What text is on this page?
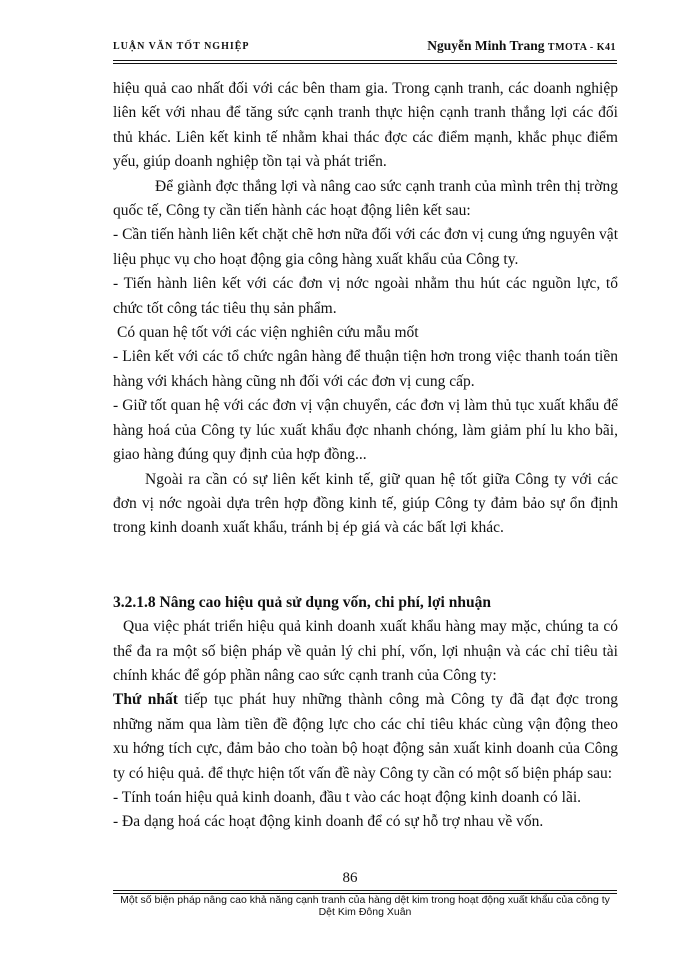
LUẬN VĂN TỐT NGHIỆP	Nguyễn Minh Trang TMOTA - K41

hiệu quả cao nhất đối với các bên tham gia. Trong cạnh tranh, các doanh nghiệp liên kết với nhau để tăng sức cạnh tranh thực hiện cạnh tranh thắng lợi các đối thủ khác. Liên kết kinh tế nhằm khai thác đợc các điểm mạnh, khắc phục điểm yếu, giúp doanh nghiệp tồn tại và phát triển.

Để giành đợc thắng lợi và nâng cao sức cạnh tranh của mình trên thị trờng quốc tế, Công ty cần tiến hành các hoạt động liên kết sau:

- Cần tiến hành liên kết chặt chẽ hơn nữa đối với các đơn vị cung ứng nguyên vật liệu phục vụ cho hoạt động gia công hàng xuất khẩu của Công ty.

- Tiến hành liên kết với các đơn vị nớc ngoài nhằm thu hút các nguồn lực, tổ chức tốt công tác tiêu thụ sản phẩm.

Có quan hệ tốt với các viện nghiên cứu mẫu mốt

- Liên kết với các tổ chức ngân hàng để thuận tiện hơn trong việc thanh toán tiền hàng với khách hàng cũng nh đối với các đơn vị cung cấp.

- Giữ tốt quan hệ với các đơn vị vận chuyển, các đơn vị làm thủ tục xuất khẩu để hàng hoá của Công ty lúc xuất khẩu đợc nhanh chóng, làm giảm phí lu kho bãi, giao hàng đúng quy định của hợp đồng...

Ngoài ra cần có sự liên kết kinh tế, giữ quan hệ tốt giữa Công ty với các đơn vị nớc ngoài dựa trên hợp đồng kinh tế, giúp Công ty đảm bảo sự ổn định trong kinh doanh xuất khẩu, tránh bị ép giá và các bất lợi khác.

3.2.1.8 Nâng cao hiệu quả sử dụng vốn, chi phí, lợi nhuận

Qua việc phát triển hiệu quả kinh doanh xuất khẩu hàng may mặc, chúng ta có thể đa ra một số biện pháp về quản lý chi phí, vốn, lợi nhuận và các chỉ tiêu tài chính khác để góp phần nâng cao sức cạnh tranh của Công ty:

Thứ nhất tiếp tục phát huy những thành công mà Công ty đã đạt đợc trong những năm qua làm tiền đề động lực cho các chỉ tiêu khác cùng vận động theo xu hớng tích cực, đảm bảo cho toàn bộ hoạt động sản xuất kinh doanh của Công ty có hiệu quả. để thực hiện tốt vấn đề này Công ty cần có một số biện pháp sau:

- Tính toán hiệu quả kinh doanh, đầu t vào các hoạt động kinh doanh có lãi.

- Đa dạng hoá các hoạt động kinh doanh để có sự hỗ trợ nhau về vốn.

86
Một số biện pháp nâng cao khả năng cạnh tranh của hàng dệt kim trong hoạt động xuất khẩu của công ty Dệt Kim Đông Xuân
